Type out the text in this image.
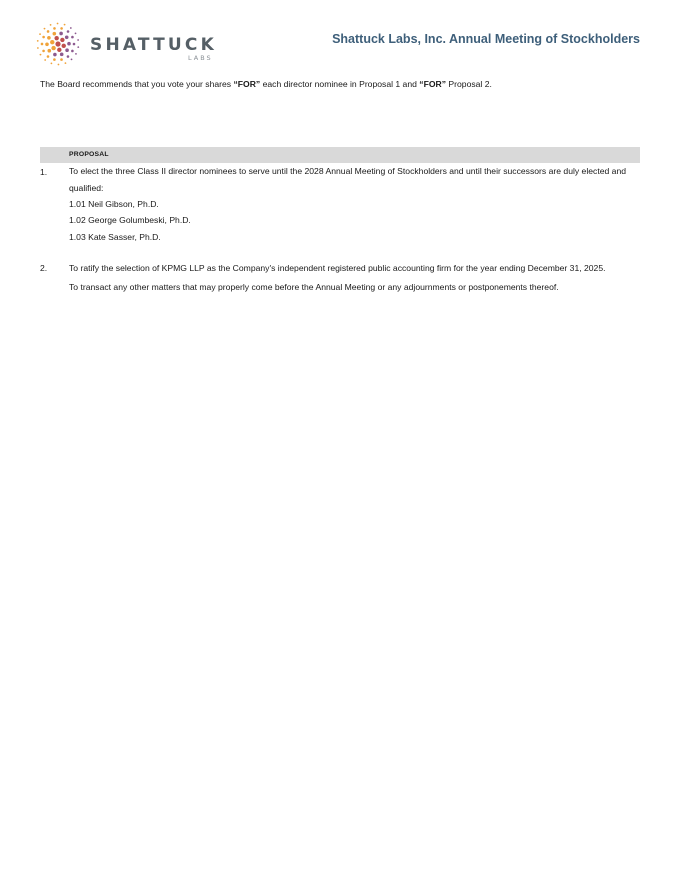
SHATTUCK
LABS
Shattuck Labs, Inc. Annual Meeting of Stockholders
The Board recommends that you vote your shares “FOR” each director nominee in Proposal 1 and “FOR” Proposal 2.
PROPOSAL
1.	To elect the three Class II director nominees to serve until the 2028 Annual Meeting of Stockholders and until their successors are duly elected and qualified:
1.01 Neil Gibson, Ph.D.
1.02 George Golumbeski, Ph.D.
1.03 Kate Sasser, Ph.D.
2.	To ratify the selection of KPMG LLP as the Company's independent registered public accounting firm for the year ending December 31, 2025.
To transact any other matters that may properly come before the Annual Meeting or any adjournments or postponements thereof.
